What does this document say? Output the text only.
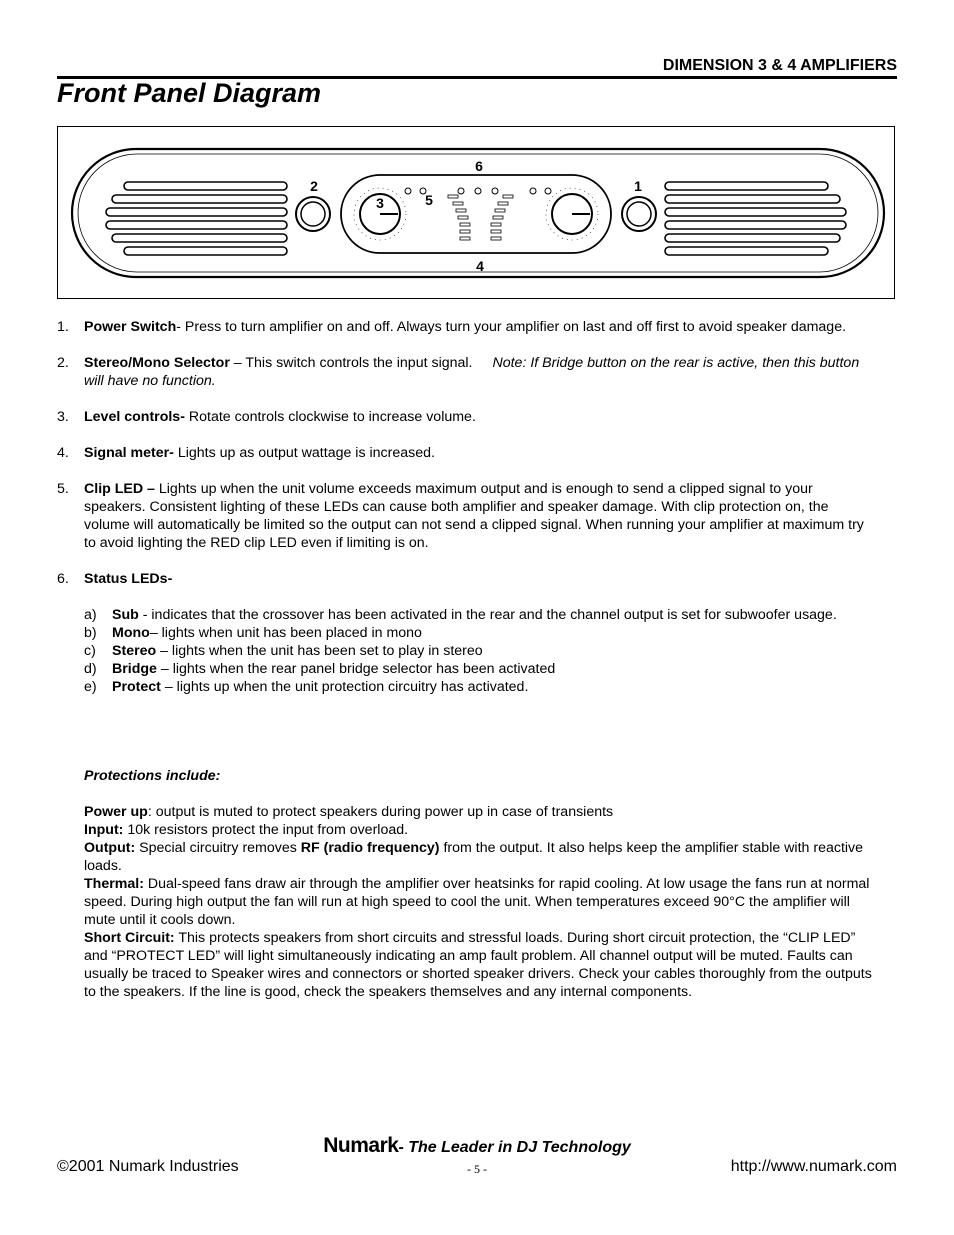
DIMENSION 3 & 4 AMPLIFIERS
Front Panel Diagram
6
2	1
3	5
4
1.	Power Switch- Press to turn amplifier on and off. Always turn your amplifier on last and off first to avoid speaker damage.
2.	Stereo/Mono Selector – This switch controls the input signal. Note: If Bridge button on the rear is active, then this button will have no function.
3.	Level controls- Rotate controls clockwise to increase volume.
4.	Signal meter- Lights up as output wattage is increased.
5.	Clip LED – Lights up when the unit volume exceeds maximum output and is enough to send a clipped signal to your speakers. Consistent lighting of these LEDs can cause both amplifier and speaker damage. With clip protection on, the volume will automatically be limited so the output can not send a clipped signal. When running your amplifier at maximum try to avoid lighting the RED clip LED even if limiting is on.
6.	Status LEDs-
a)	Sub - indicates that the crossover has been activated in the rear and the channel output is set for subwoofer usage.
b)	Mono– lights when unit has been placed in mono
c)	Stereo – lights when the unit has been set to play in stereo
d)	Bridge – lights when the rear panel bridge selector has been activated
e)	Protect – lights up when the unit protection circuitry has activated.
Protections include:
Power up: output is muted to protect speakers during power up in case of transients
Input: 10k resistors protect the input from overload.
Output: Special circuitry removes RF (radio frequency) from the output. It also helps keep the amplifier stable with reactive loads.
Thermal: Dual-speed fans draw air through the amplifier over heatsinks for rapid cooling. At low usage the fans run at normal speed. During high output the fan will run at high speed to cool the unit. When temperatures exceed 90°C the amplifier will mute until it cools down.
Short Circuit: This protects speakers from short circuits and stressful loads. During short circuit protection, the “CLIP LED” and “PROTECT LED” will light simultaneously indicating an amp fault problem. All channel output will be muted. Faults can usually be traced to Speaker wires and connectors or shorted speaker drivers. Check your cables thoroughly from the outputs to the speakers. If the line is good, check the speakers themselves and any internal components.
Numark- The Leader in DJ Technology
©2001 Numark Industries	- 5 -	http://www.numark.com
